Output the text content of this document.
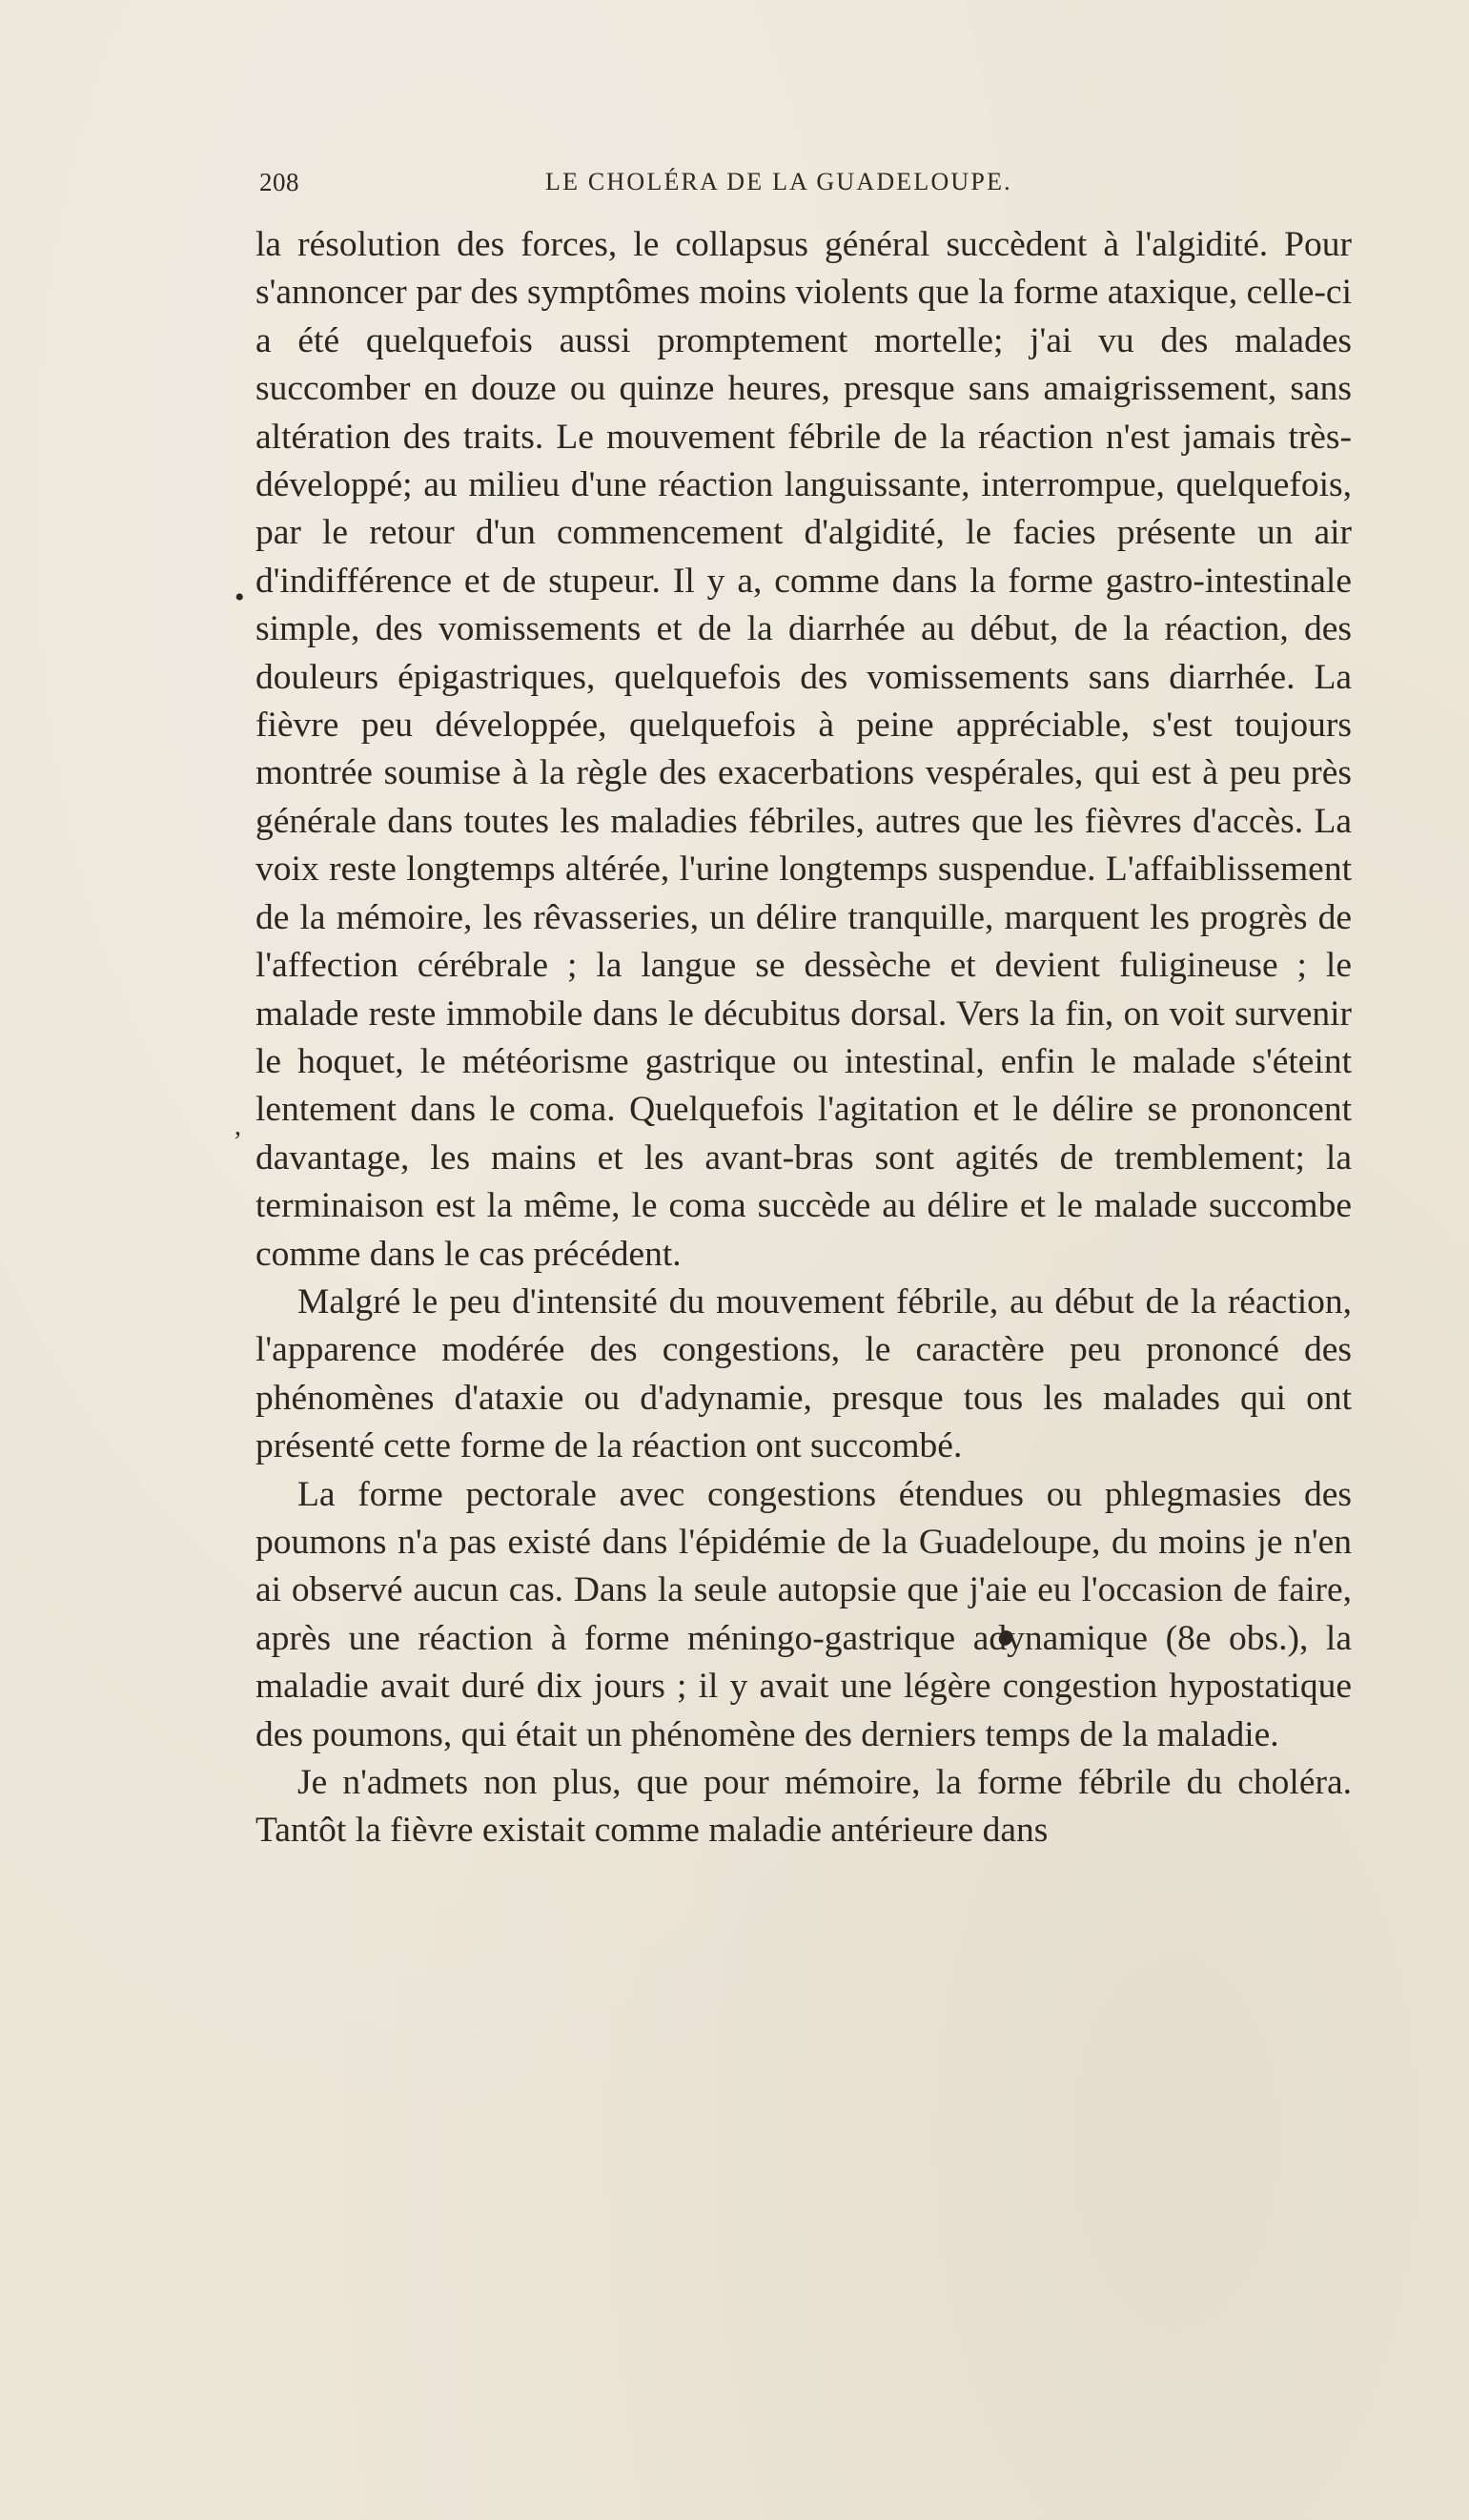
208	LE CHOLÉRA DE LA GUADELOUPE.
•
,

la résolution des forces, le collapsus général succèdent à l'algidité. Pour s'annoncer par des symptômes moins violents que la forme ataxique, celle-ci a été quelquefois aussi promptement mortelle; j'ai vu des malades succomber en douze ou quinze heures, presque sans amaigrissement, sans altération des traits. Le mouvement fébrile de la réaction n'est jamais très-développé; au milieu d'une réaction languissante, interrompue, quelquefois, par le retour d'un commencement d'algidité, le facies présente un air d'indifférence et de stupeur. Il y a, comme dans la forme gastro-intestinale simple, des vomissements et de la diarrhée au début, de la réaction, des douleurs épigastriques, quelquefois des vomissements sans diarrhée. La fièvre peu développée, quelquefois à peine appréciable, s'est toujours montrée soumise à la règle des exacerbations vespérales, qui est à peu près générale dans toutes les maladies fébriles, autres que les fièvres d'accès. La voix reste longtemps altérée, l'urine longtemps suspendue. L'affaiblissement de la mémoire, les rêvasseries, un délire tranquille, marquent les progrès de l'affection cérébrale ; la langue se dessèche et devient fuligineuse ; le malade reste immobile dans le décubitus dorsal. Vers la fin, on voit survenir le hoquet, le météorisme gastrique ou intestinal, enfin le malade s'éteint lentement dans le coma. Quelquefois l'agitation et le délire se prononcent davantage, les mains et les avant-bras sont agités de tremblement; la terminaison est la même, le coma succède au délire et le malade succombe comme dans le cas précédent.

Malgré le peu d'intensité du mouvement fébrile, au début de la réaction, l'apparence modérée des congestions, le caractère peu prononcé des phénomènes d'ataxie ou d'adynamie, presque tous les malades qui ont présenté cette forme de la réaction ont succombé.

La forme pectorale avec congestions étendues ou phlegmasies des poumons n'a pas existé dans l'épidémie de la Guadeloupe, du moins je n'en ai observé aucun cas. Dans la seule autopsie que j'aie eu l'occasion de faire, après une réaction à forme méningo-gastrique adynamique (8e obs.), la maladie avait duré dix jours ; il y avait une légère congestion hypostatique des poumons, qui était un phénomène des derniers temps de la maladie.

Je n'admets non plus, que pour mémoire, la forme fébrile du choléra. Tantôt la fièvre existait comme maladie antérieure dans
